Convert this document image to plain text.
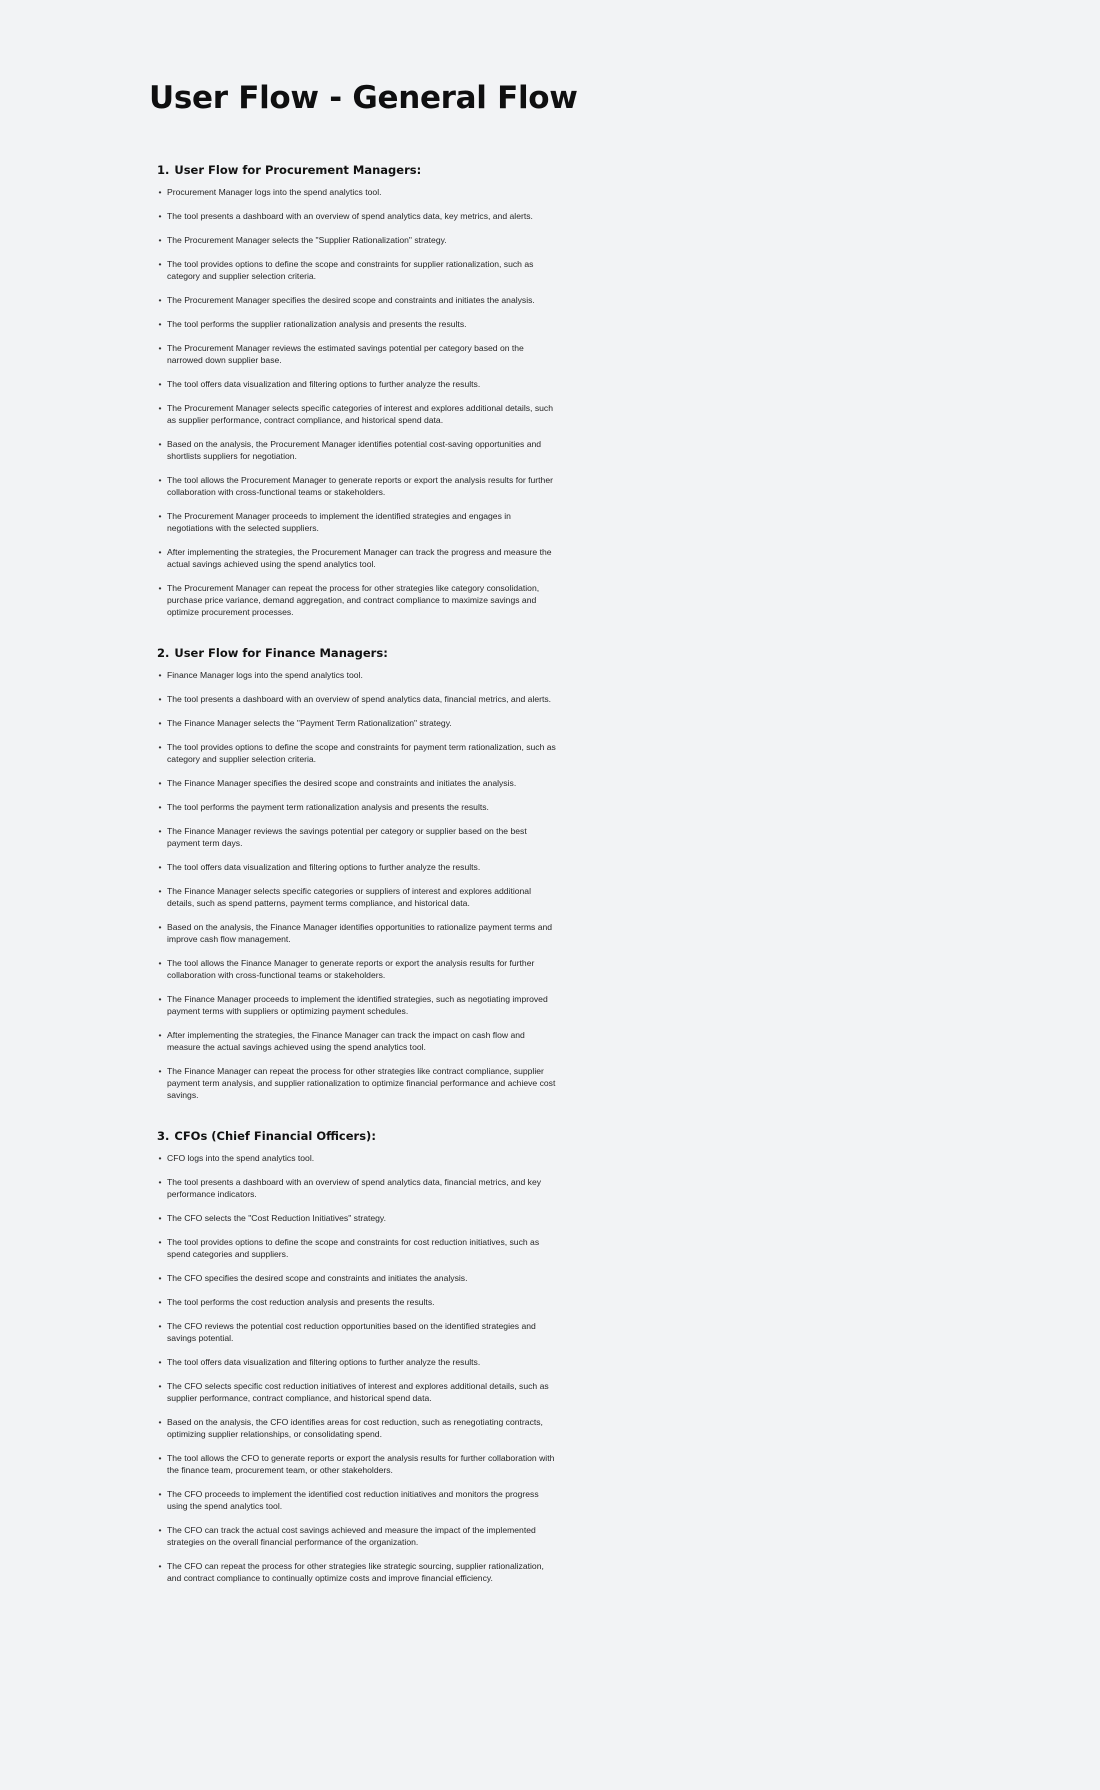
User Flow - General Flow
1. User Flow for Procurement Managers:
• Procurement Manager logs into the spend analytics tool.
• The tool presents a dashboard with an overview of spend analytics data, key metrics, and alerts.
• The Procurement Manager selects the "Supplier Rationalization" strategy.
• The tool provides options to define the scope and constraints for supplier rationalization, such as category and supplier selection criteria.
• The Procurement Manager specifies the desired scope and constraints and initiates the analysis.
• The tool performs the supplier rationalization analysis and presents the results.
• The Procurement Manager reviews the estimated savings potential per category based on the narrowed down supplier base.
• The tool offers data visualization and filtering options to further analyze the results.
• The Procurement Manager selects specific categories of interest and explores additional details, such as supplier performance, contract compliance, and historical spend data.
• Based on the analysis, the Procurement Manager identifies potential cost-saving opportunities and shortlists suppliers for negotiation.
• The tool allows the Procurement Manager to generate reports or export the analysis results for further collaboration with cross-functional teams or stakeholders.
• The Procurement Manager proceeds to implement the identified strategies and engages in negotiations with the selected suppliers.
• After implementing the strategies, the Procurement Manager can track the progress and measure the actual savings achieved using the spend analytics tool.
• The Procurement Manager can repeat the process for other strategies like category consolidation, purchase price variance, demand aggregation, and contract compliance to maximize savings and optimize procurement processes.
2. User Flow for Finance Managers:
• Finance Manager logs into the spend analytics tool.
• The tool presents a dashboard with an overview of spend analytics data, financial metrics, and alerts.
• The Finance Manager selects the "Payment Term Rationalization" strategy.
• The tool provides options to define the scope and constraints for payment term rationalization, such as category and supplier selection criteria.
• The Finance Manager specifies the desired scope and constraints and initiates the analysis.
• The tool performs the payment term rationalization analysis and presents the results.
• The Finance Manager reviews the savings potential per category or supplier based on the best payment term days.
• The tool offers data visualization and filtering options to further analyze the results.
• The Finance Manager selects specific categories or suppliers of interest and explores additional details, such as spend patterns, payment terms compliance, and historical data.
• Based on the analysis, the Finance Manager identifies opportunities to rationalize payment terms and improve cash flow management.
• The tool allows the Finance Manager to generate reports or export the analysis results for further collaboration with cross-functional teams or stakeholders.
• The Finance Manager proceeds to implement the identified strategies, such as negotiating improved payment terms with suppliers or optimizing payment schedules.
• After implementing the strategies, the Finance Manager can track the impact on cash flow and measure the actual savings achieved using the spend analytics tool.
• The Finance Manager can repeat the process for other strategies like contract compliance, supplier payment term analysis, and supplier rationalization to optimize financial performance and achieve cost savings.
3. CFOs (Chief Financial Officers):
• CFO logs into the spend analytics tool.
• The tool presents a dashboard with an overview of spend analytics data, financial metrics, and key performance indicators.
• The CFO selects the "Cost Reduction Initiatives" strategy.
• The tool provides options to define the scope and constraints for cost reduction initiatives, such as spend categories and suppliers.
• The CFO specifies the desired scope and constraints and initiates the analysis.
• The tool performs the cost reduction analysis and presents the results.
• The CFO reviews the potential cost reduction opportunities based on the identified strategies and savings potential.
• The tool offers data visualization and filtering options to further analyze the results.
• The CFO selects specific cost reduction initiatives of interest and explores additional details, such as supplier performance, contract compliance, and historical spend data.
• Based on the analysis, the CFO identifies areas for cost reduction, such as renegotiating contracts, optimizing supplier relationships, or consolidating spend.
• The tool allows the CFO to generate reports or export the analysis results for further collaboration with the finance team, procurement team, or other stakeholders.
• The CFO proceeds to implement the identified cost reduction initiatives and monitors the progress using the spend analytics tool.
• The CFO can track the actual cost savings achieved and measure the impact of the implemented strategies on the overall financial performance of the organization.
• The CFO can repeat the process for other strategies like strategic sourcing, supplier rationalization, and contract compliance to continually optimize costs and improve financial efficiency.
